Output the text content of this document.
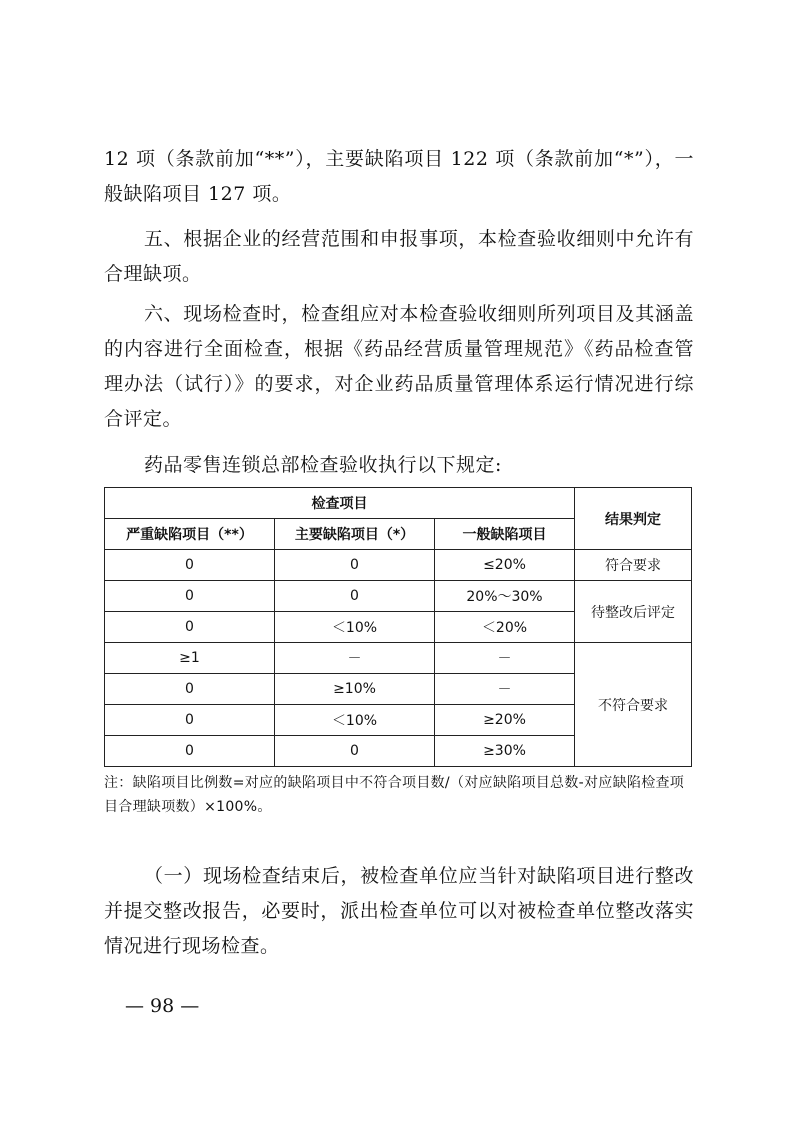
12 项（条款前加“**”），主要缺陷项目 122 项（条款前加“*”），一般缺陷项目 127 项。

五、根据企业的经营范围和申报事项，本检查验收细则中允许有合理缺项。

六、现场检查时，检查组应对本检查验收细则所列项目及其涵盖的内容进行全面检查，根据《药品经营质量管理规范》《药品检查管理办法（试行）》的要求，对企业药品质量管理体系运行情况进行综合评定。

药品零售连锁总部检查验收执行以下规定:

检查项目			结果判定
严重缺陷项目（**）	主要缺陷项目（*）	一般缺陷项目	
0	0	≤20%	符合要求
0	0	20%～30%	待整改后评定
0	＜10%	＜20%	
≥1	－	－	不符合要求
0	≥10%	－	
0	＜10%	≥20%	
0	0	≥30%	

注：缺陷项目比例数=对应的缺陷项目中不符合项目数/（对应缺陷项目总数-对应缺陷检查项目合理缺项数）×100%。

（一）现场检查结束后，被检查单位应当针对缺陷项目进行整改并提交整改报告，必要时，派出检查单位可以对被检查单位整改落实情况进行现场检查。

— 98 —
